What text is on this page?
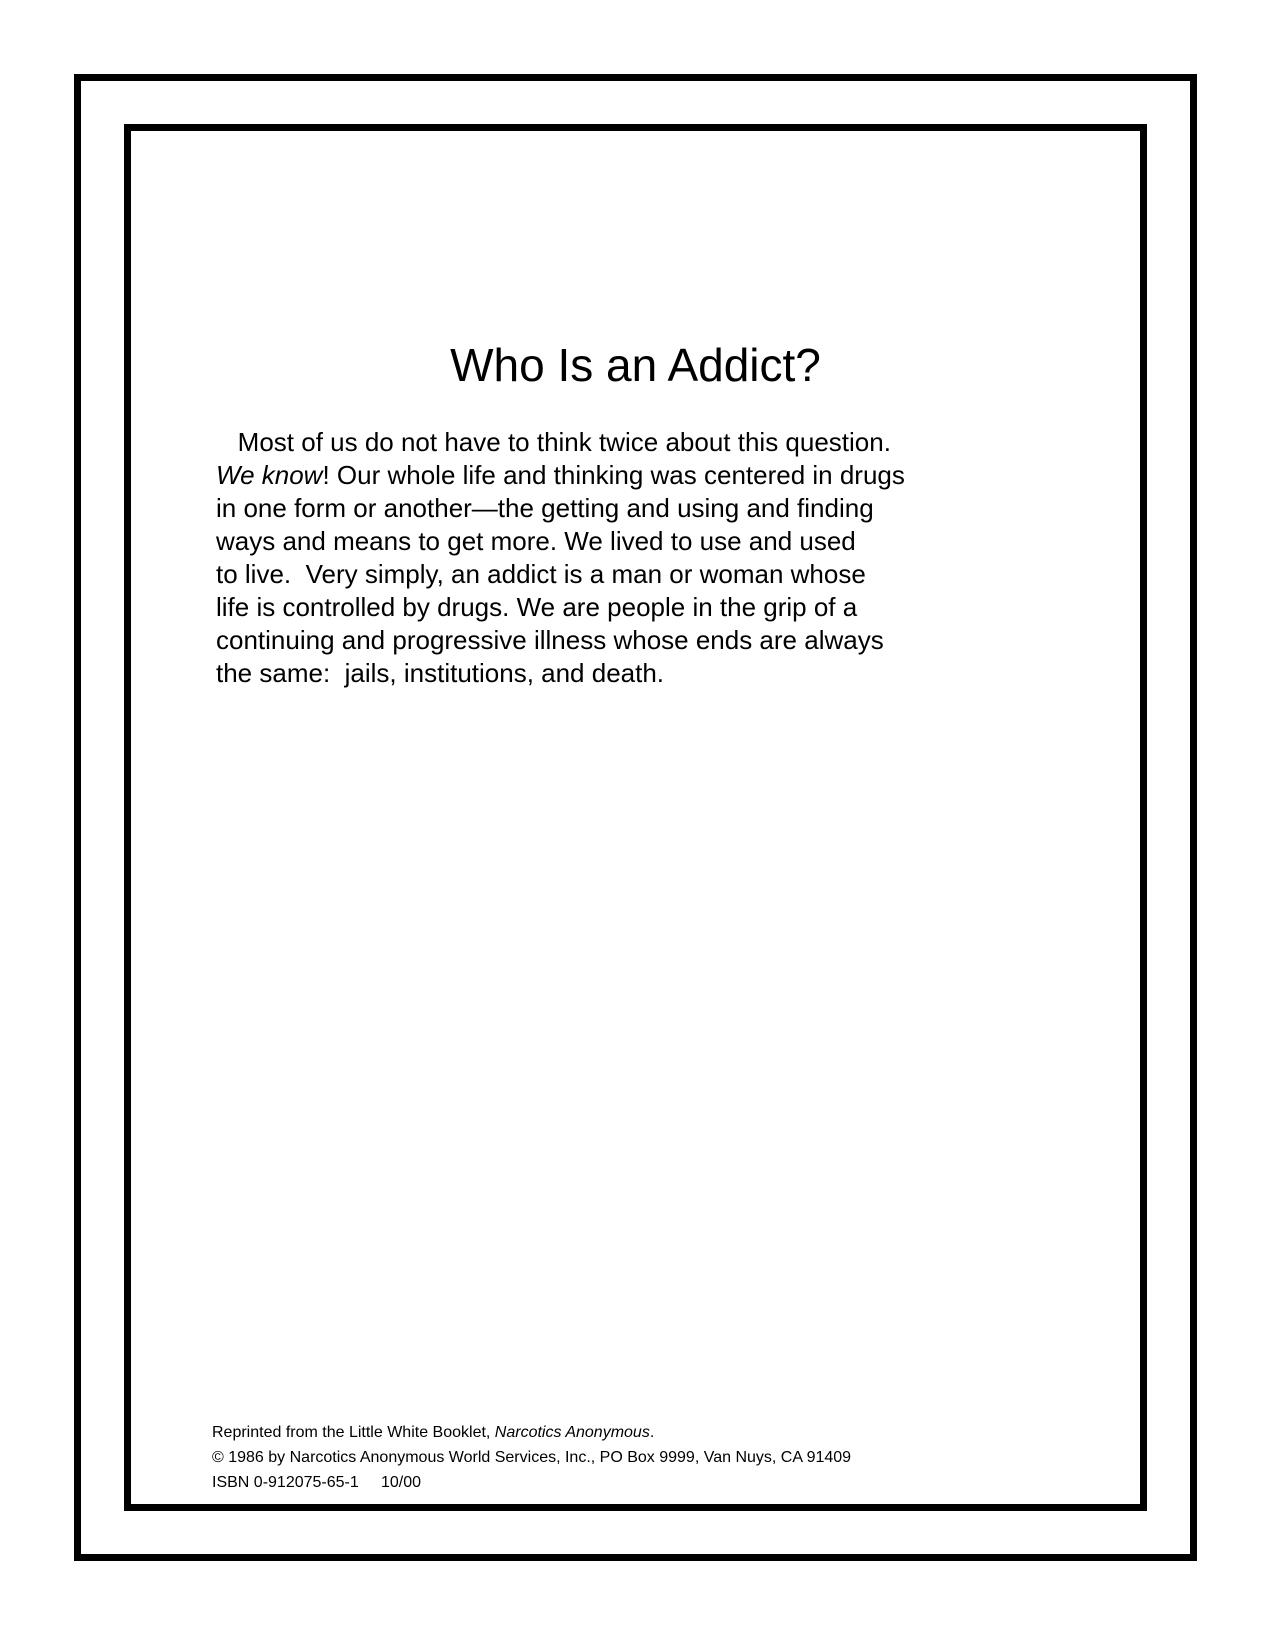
Who Is an Addict?

Most of us do not have to think twice about this question.
We know! Our whole life and thinking was centered in drugs
in one form or another—the getting and using and finding
ways and means to get more. We lived to use and used
to live.  Very simply, an addict is a man or woman whose
life is controlled by drugs. We are people in the grip of a
continuing and progressive illness whose ends are always
the same:  jails, institutions, and death.

Reprinted from the Little White Booklet, Narcotics Anonymous.
© 1986 by Narcotics Anonymous World Services, Inc., PO Box 9999, Van Nuys, CA 91409
ISBN 0-912075-65-1     10/00
